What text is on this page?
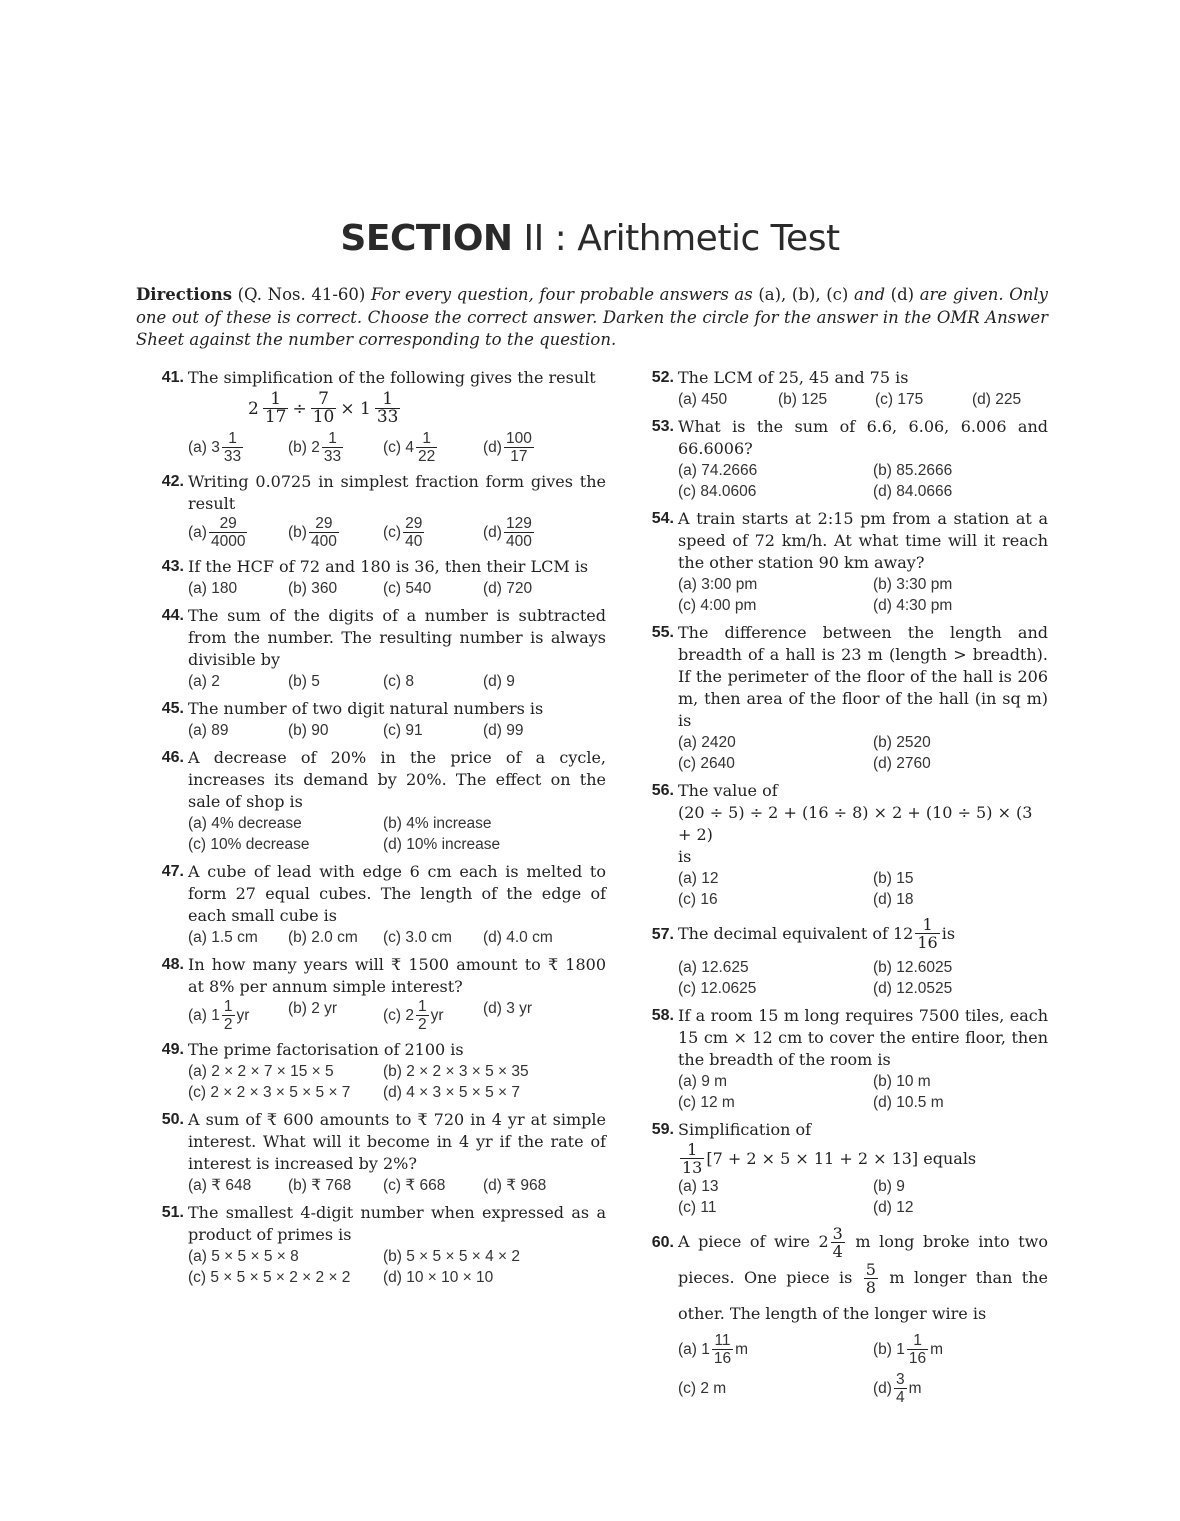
SECTION II : Arithmetic Test
Directions (Q. Nos. 41-60) For every question, four probable answers as (a), (b), (c) and (d) are given. Only one out of these is correct. Choose the correct answer. Darken the circle for the answer in the OMR Answer Sheet against the number corresponding to the question.
41. The simplification of the following gives the result
$2 \frac{1}{17} \div \frac{7}{10} \times 1 \frac{1}{33}$
(a) $3 \frac{1}{33}$	(b) $2 \frac{1}{33}$	(c) $4 \frac{1}{22}$	$(d) \frac{100}{17}$
42. Writing 0.0725 in simplest fraction form gives the result
$(a) \frac{29}{4000}$	$(b) \frac{29}{400}$	$(c) \frac{29}{40}$	$(d) \frac{129}{400}$
43. If the HCF of 72 and 180 is 36, then their LCM is
(a) 180	(b) 360	(c) 540	(d) 720
44. The sum of the digits of a number is subtracted from the number. The resulting number is always divisible by
(a) 2	(b) 5	(c) 8	(d) 9
45. The number of two digit natural numbers is
(a) 89	(b) 90	(c) 91	(d) 99
46. A decrease of 20% in the price of a cycle, increases its demand by 20%. The effect on the sale of shop is
(a) 4% decrease	(b) 4% increase
(c) 10% decrease	(d) 10% increase
47. A cube of lead with edge 6 cm each is melted to form 27 equal cubes. The length of the edge of each small cube is
(a) 1.5 cm	(b) 2.0 cm	(c) 3.0 cm	(d) 4.0 cm
48. In how many years will ₹ 1500 amount to ₹ 1800 at 8% per annum simple interest?
(a) $1 \frac{1}{2}$ yr (b) 2 yr	(c) $2 \frac{1}{2}$ yr	(d) 3 yr
49. The prime factorisation of 2100 is
(a) 2 × 2 × 7 × 15 × 5	(b) 2 × 2 × 3 × 5 × 35
(c) 2 × 2 × 3 × 5 × 5 × 7	(d) 4 × 3 × 5 × 5 × 7
50. A sum of ₹ 600 amounts to ₹ 720 in 4 yr at simple interest. What will it become in 4 yr if the rate of interest is increased by 2%?
(a) ₹ 648	(b) ₹ 768	(c) ₹ 668	(d) ₹ 968
51. The smallest 4-digit number when expressed as a product of primes is
(a) 5 × 5 × 5 × 8	(b) 5 × 5 × 5 × 4 × 2
(c) 5 × 5 × 5 × 2 × 2 × 2	(d) 10 × 10 × 10
52. The LCM of 25, 45 and 75 is
(a) 450	(b) 125	(c) 175	(d) 225
53. What is the sum of 6.6, 6.06, 6.006 and 66.6006?
(a) 74.2666	(b) 85.2666
(c) 84.0606	(d) 84.0666
54. A train starts at 2:15 pm from a station at a speed of 72 km/h. At what time will it reach the other station 90 km away?
(a) 3:00 pm	(b) 3:30 pm
(c) 4:00 pm	(d) 4:30 pm
55. The difference between the length and breadth of a hall is 23 m (length > breadth). If the perimeter of the floor of the hall is 206 m, then area of the floor of the hall (in sq m) is
(a) 2420	(b) 2520
(c) 2640	(d) 2760
56. The value of
(20 ÷ 5) ÷ 2 + (16 ÷ 8) × 2 + (10 ÷ 5) × (3 + 2)
is
(a) 12	(b) 15
(c) 16	(d) 18
57. The decimal equivalent of $12 \frac{1}{16}$ is
(a) 12.625	(b) 12.6025
(c) 12.0625	(d) 12.0525
58. If a room 15 m long requires 7500 tiles, each 15 cm × 12 cm to cover the entire floor, then the breadth of the room is
(a) 9 m	(b) 10 m
(c) 12 m	(d) 10.5 m
59. Simplification of
$\frac{1}{13} [7 + 2 \times 5 \times 11 + 2 \times 13]$ equals
(a) 13	(b) 9
(c) 11	(d) 12
60. A piece of wire $2 \frac{3}{4}$ m long broke into two pieces. One piece is $\frac{5}{8}$ m longer than the other. The length of the longer wire is
(a) $1 \frac{11}{16}$ m	(b) $1 \frac{1}{16}$ m
(c) 2 m	$(d) \frac{3}{4}$ m
